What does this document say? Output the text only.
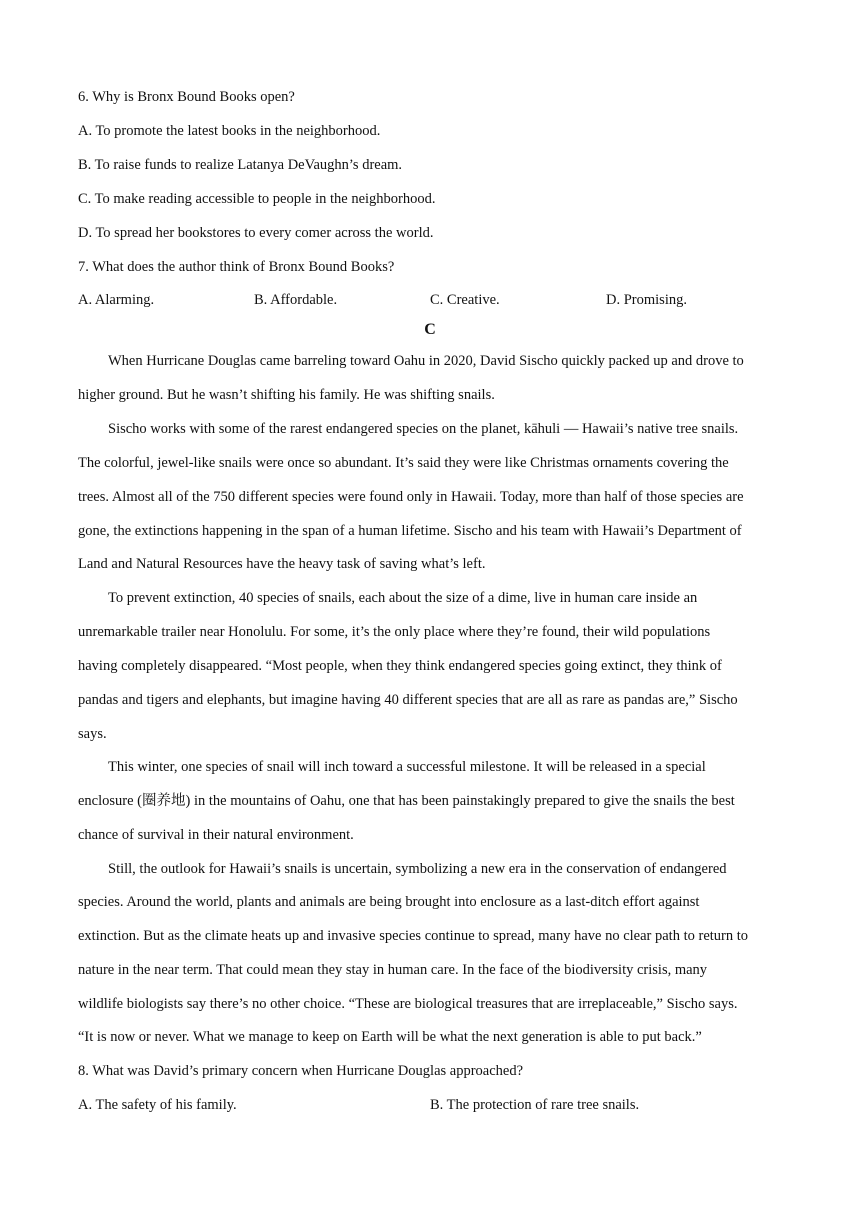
6. Why is Bronx Bound Books open?
A. To promote the latest books in the neighborhood.
B. To raise funds to realize Latanya DeVaughn’s dream.
C. To make reading accessible to people in the neighborhood.
D. To spread her bookstores to every comer across the world.
7. What does the author think of Bronx Bound Books?
A. Alarming.	B. Affordable.	C. Creative.	D. Promising.
C
When Hurricane Douglas came barreling toward Oahu in 2020, David Sischo quickly packed up and drove to
higher ground. But he wasn’t shifting his family. He was shifting snails.
Sischo works with some of the rarest endangered species on the planet, kāhuli — Hawaii’s native tree snails.
The colorful, jewel-like snails were once so abundant. It’s said they were like Christmas ornaments covering the
trees. Almost all of the 750 different species were found only in Hawaii. Today, more than half of those species are
gone, the extinctions happening in the span of a human lifetime. Sischo and his team with Hawaii’s Department of
Land and Natural Resources have the heavy task of saving what’s left.
To prevent extinction, 40 species of snails, each about the size of a dime, live in human care inside an
unremarkable trailer near Honolulu. For some, it’s the only place where they’re found, their wild populations
having completely disappeared. “Most people, when they think endangered species going extinct, they think of
pandas and tigers and elephants, but imagine having 40 different species that are all as rare as pandas are,” Sischo
says.
This winter, one species of snail will inch toward a successful milestone. It will be released in a special
enclosure (圈养地) in the mountains of Oahu, one that has been painstakingly prepared to give the snails the best
chance of survival in their natural environment.
Still, the outlook for Hawaii’s snails is uncertain, symbolizing a new era in the conservation of endangered
species. Around the world, plants and animals are being brought into enclosure as a last-ditch effort against
extinction. But as the climate heats up and invasive species continue to spread, many have no clear path to return to
nature in the near term. That could mean they stay in human care. In the face of the biodiversity crisis, many
wildlife biologists say there’s no other choice. “These are biological treasures that are irreplaceable,” Sischo says.
“It is now or never. What we manage to keep on Earth will be what the next generation is able to put back.”
8. What was David’s primary concern when Hurricane Douglas approached?
A. The safety of his family.	B. The protection of rare tree snails.
